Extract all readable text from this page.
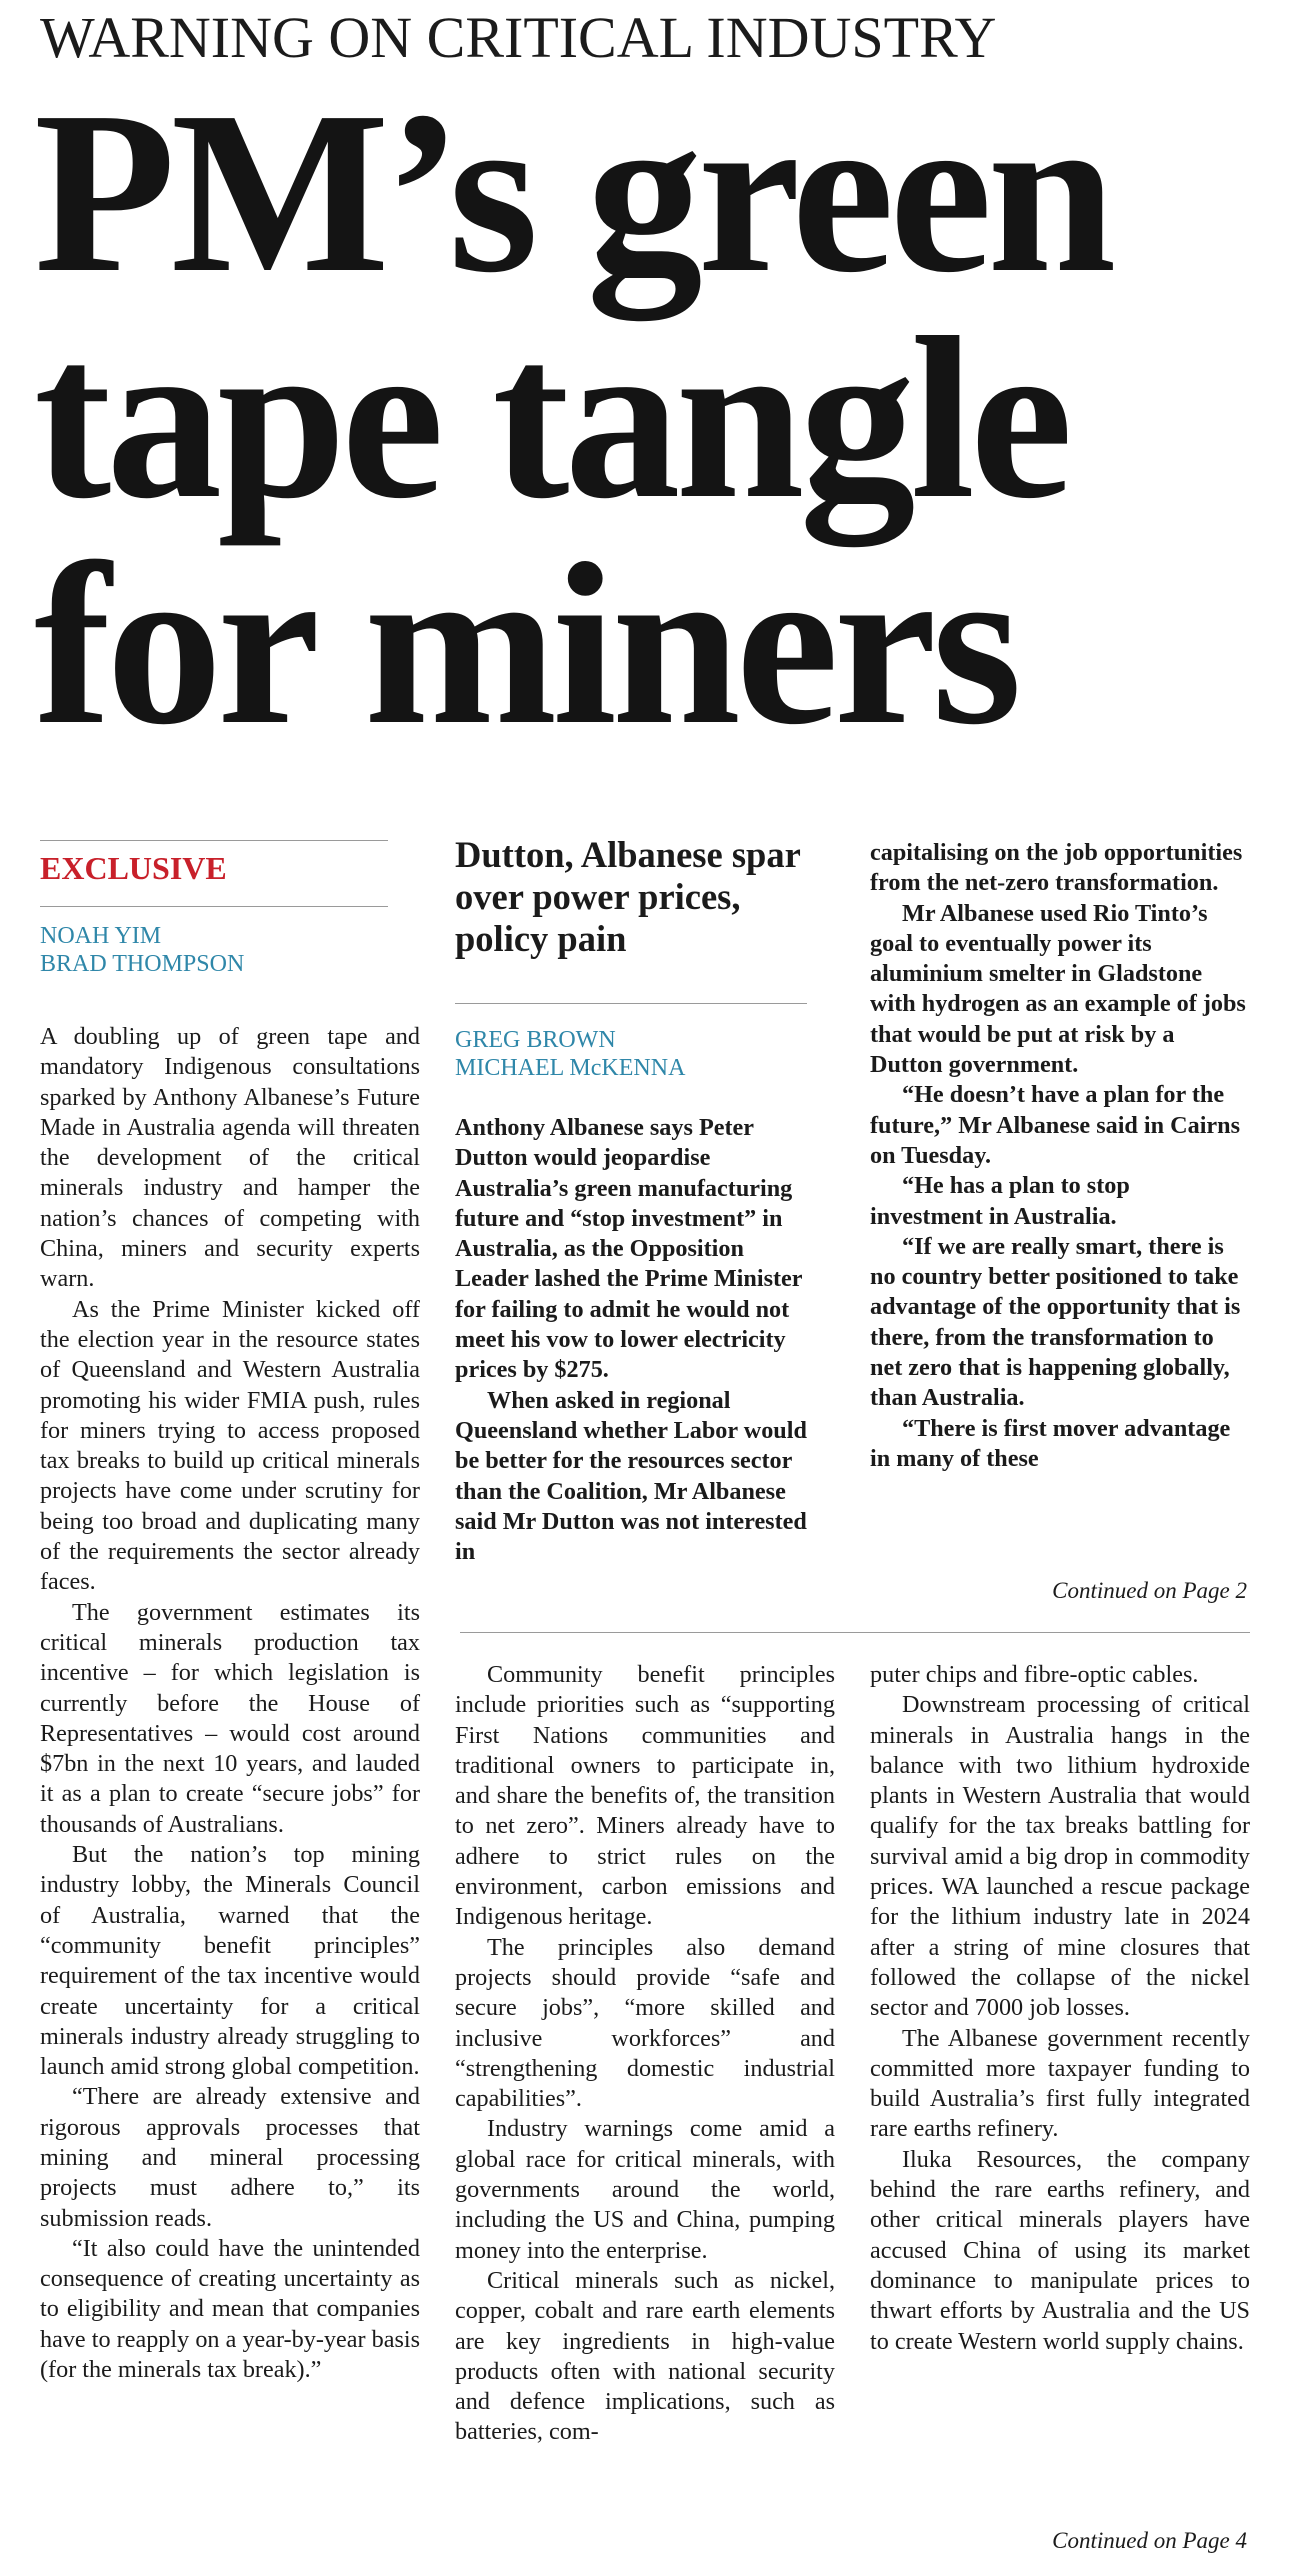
WARNING ON CRITICAL INDUSTRY
PM’s green
tape tangle
for miners
EXCLUSIVE
NOAH YIM
BRAD THOMPSON

A doubling up of green tape and mandatory Indigenous consultations sparked by Anthony Albanese’s Future Made in Australia agenda will threaten the development of the critical minerals industry and hamper the nation’s chances of competing with China, miners and security experts warn.

As the Prime Minister kicked off the election year in the resource states of Queensland and Western Australia promoting his wider FMIA push, rules for miners trying to access proposed tax breaks to build up critical minerals projects have come under scrutiny for being too broad and duplicating many of the requirements the sector already faces.

The government estimates its critical minerals production tax incentive – for which legislation is currently before the House of Representatives – would cost around $7bn in the next 10 years, and lauded it as a plan to create “secure jobs” for thousands of Australians.

But the nation’s top mining industry lobby, the Minerals Council of Australia, warned that the “community benefit principles” requirement of the tax incentive would create uncertainty for a critical minerals industry already struggling to launch amid strong global competition.

“There are already extensive and rigorous approvals processes that mining and mineral processing projects must adhere to,” its submission reads.

“It also could have the unintended consequence of creating uncertainty as to eligibility and mean that companies have to reapply on a year-by-year basis (for the minerals tax break).”

Dutton, Albanese spar over power prices, policy pain
GREG BROWN
MICHAEL McKENNA

Anthony Albanese says Peter Dutton would jeopardise Australia’s green manufacturing future and “stop investment” in Australia, as the Opposition Leader lashed the Prime Minister for failing to admit he would not meet his vow to lower electricity prices by $275.

When asked in regional Queensland whether Labor would be better for the resources sector than the Coalition, Mr Albanese said Mr Dutton was not interested in

capitalising on the job opportunities from the net-zero transformation.

Mr Albanese used Rio Tinto’s goal to eventually power its aluminium smelter in Gladstone with hydrogen as an example of jobs that would be put at risk by a Dutton government.

“He doesn’t have a plan for the future,” Mr Albanese said in Cairns on Tuesday.

“He has a plan to stop investment in Australia.

“If we are really smart, there is no country better positioned to take advantage of the opportunity that is there, from the transformation to net zero that is happening globally, than Australia.

“There is first mover advantage in many of these

Continued on Page 2

Community benefit principles include priorities such as “supporting First Nations communities and traditional owners to participate in, and share the benefits of, the transition to net zero”. Miners already have to adhere to strict rules on the environment, carbon emissions and Indigenous heritage.

The principles also demand projects should provide “safe and secure jobs”, “more skilled and inclusive workforces” and “strengthening domestic industrial capabilities”.

Industry warnings come amid a global race for critical minerals, with governments around the world, including the US and China, pumping money into the enterprise.

Critical minerals such as nickel, copper, cobalt and rare earth elements are key ingredients in high-value products often with national security and defence implications, such as batteries, com-

puter chips and fibre-optic cables.

Downstream processing of critical minerals in Australia hangs in the balance with two lithium hydroxide plants in Western Australia that would qualify for the tax breaks battling for survival amid a big drop in commodity prices. WA launched a rescue package for the lithium industry late in 2024 after a string of mine closures that followed the collapse of the nickel sector and 7000 job losses.

The Albanese government recently committed more taxpayer funding to build Australia’s first fully integrated rare earths refinery.

Iluka Resources, the company behind the rare earths refinery, and other critical minerals players have accused China of using its market dominance to manipulate prices to thwart efforts by Australia and the US to create Western world supply chains.

Continued on Page 4
